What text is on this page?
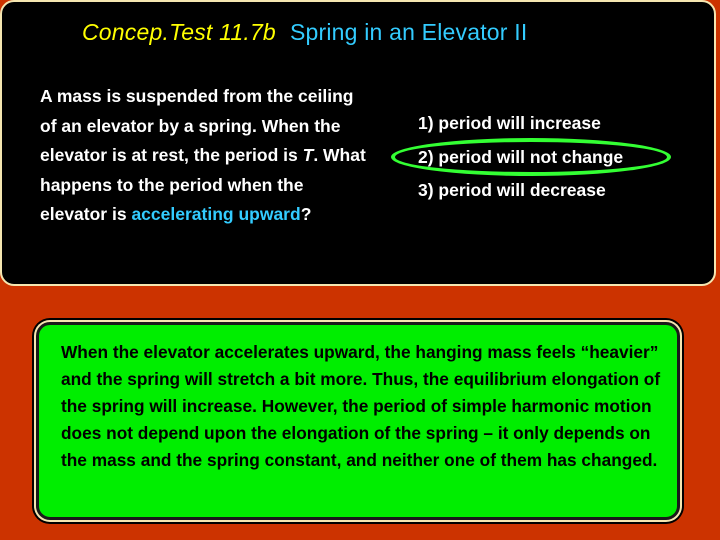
Concep.Test 11.7b Spring in an Elevator II
A mass is suspended from the ceiling of an elevator by a spring. When the elevator is at rest, the period is T. What happens to the period when the elevator is accelerating upward?
1) period will increase
2) period will not change
3) period will decrease
When the elevator accelerates upward, the hanging mass feels “heavier” and the spring will stretch a bit more. Thus, the equilibrium elongation of the spring will increase. However, the period of simple harmonic motion does not depend upon the elongation of the spring – it only depends on the mass and the spring constant, and neither one of them has changed.
